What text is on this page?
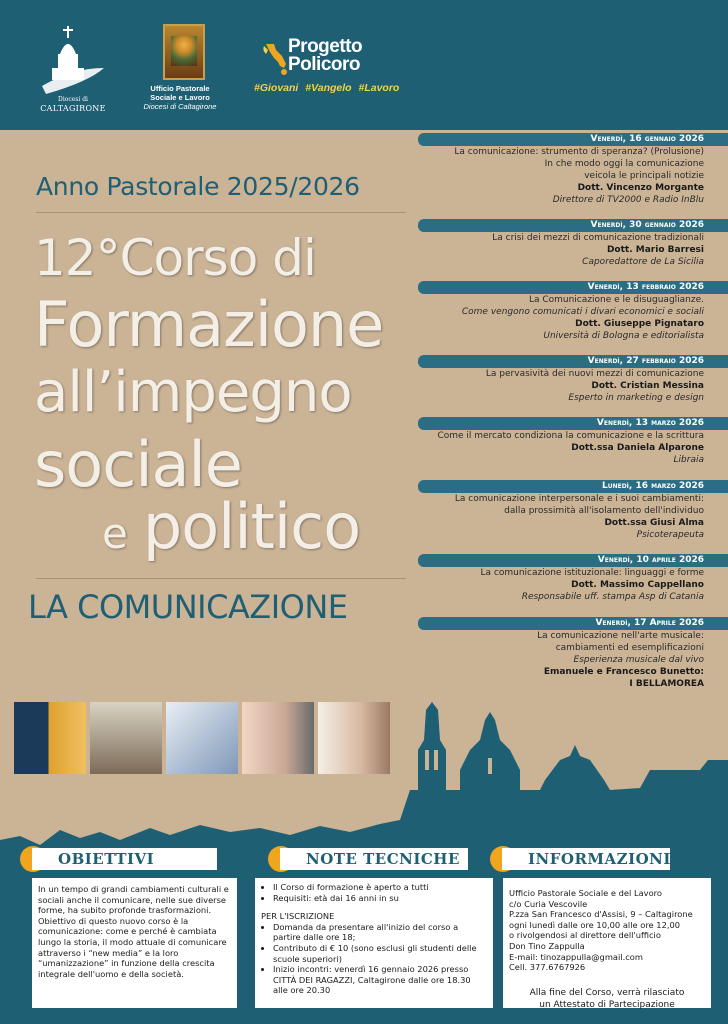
Diocesi di
CALTAGIRONE
Ufficio Pastorale
Sociale e Lavoro
Diocesi di Caltagirone
Progetto
Policoro
#Giovani #Vangelo #Lavoro
Anno Pastorale 2025/2026
12°Corso di
Formazione
all’impegno
sociale
e politico
LA COMUNICAZIONE
Venerdì, 16 gennaio 2026
La comunicazione: strumento di speranza? (Prolusione)
In che modo oggi la comunicazione
veicola le principali notizie
Dott. Vincenzo Morgante
Direttore di TV2000 e Radio InBlu
Venerdì, 30 gennaio 2026
La crisi dei mezzi di comunicazione tradizionali
Dott. Mario Barresi
Caporedattore de La Sicilia
Venerdì, 13 febbraio 2026
La Comunicazione e le disuguaglianze.
Come vengono comunicati i divari economici e sociali
Dott. Giuseppe Pignataro
Università di Bologna e editorialista
Venerdì, 27 febbraio 2026
La pervasività dei nuovi mezzi di comunicazione
Dott. Cristian Messina
Esperto in marketing e design
Venerdì, 13 marzo 2026
Come il mercato condiziona la comunicazione e la scrittura
Dott.ssa Daniela Alparone
Libraia
Lunedì, 16 marzo 2026
La comunicazione interpersonale e i suoi cambiamenti:
dalla prossimità all'isolamento dell'individuo
Dott.ssa Giusi Alma
Psicoterapeuta
Venerdì, 10 aprile 2026
La comunicazione istituzionale: linguaggi e forme
Dott. Massimo Cappellano
Responsabile uff. stampa Asp di Catania
Venerdì, 17 Aprile 2026
La comunicazione nell'arte musicale:
cambiamenti ed esemplificazioni
Esperienza musicale dal vivo
Emanuele e Francesco Bunetto:
I BELLAMOREA
OBIETTIVI
In un tempo di grandi cambiamenti culturali e sociali anche il comunicare, nelle sue diverse forme, ha subito profonde trasformazioni. Obiettivo di questo nuovo corso è la comunicazione: come e perché è cambiata lungo la storia, il modo attuale di comunicare attraverso i “new media” e la loro “umanizzazione” in funzione della crescita integrale dell'uomo e della società.
NOTE TECNICHE
• Il Corso di formazione è aperto a tutti
• Requisiti: età dai 16 anni in su
PER L'ISCRIZIONE
• Domanda da presentare all'inizio del corso a partire dalle ore 18;
• Contributo di € 10 (sono esclusi gli studenti delle scuole superiori)
• Inizio incontri: venerdì 16 gennaio 2026 presso CITTÀ DEI RAGAZZI, Caltagirone dalle ore 18.30 alle ore 20.30
INFORMAZIONI
Ufficio Pastorale Sociale e del Lavoro
c/o Curia Vescovile
P.zza San Francesco d'Assisi, 9 – Caltagirone
ogni lunedì dalle ore 10,00 alle ore 12,00
o rivolgendosi al direttore dell'ufficio
Don Tino Zappulla
E-mail: tinozappulla@gmail.com
Cell. 377.6767926
Alla fine del Corso, verrà rilasciato
un Attestato di Partecipazione
